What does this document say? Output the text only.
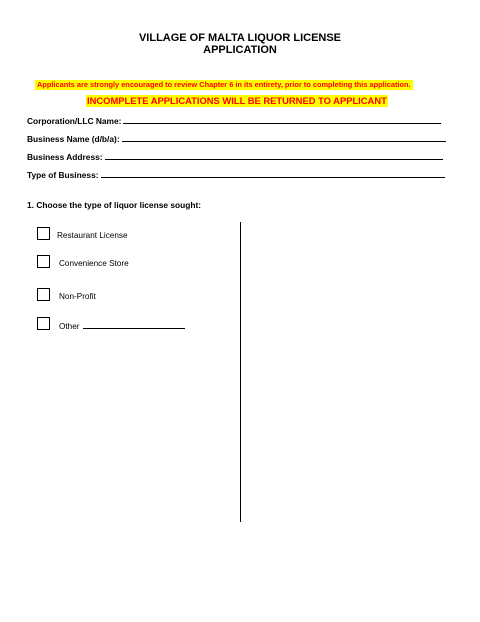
VILLAGE OF MALTA LIQUOR LICENSE
APPLICATION
Applicants are strongly encouraged to review Chapter 6 in its entirety, prior to completing this application.
INCOMPLETE APPLICATIONS WILL BE RETURNED TO APPLICANT
Corporation/LLC Name:
Business Name (d/b/a):
Business Address:
Type of Business:
1. Choose the type of liquor license sought:
Restaurant License
Convenience Store
Non-Profit
Other
